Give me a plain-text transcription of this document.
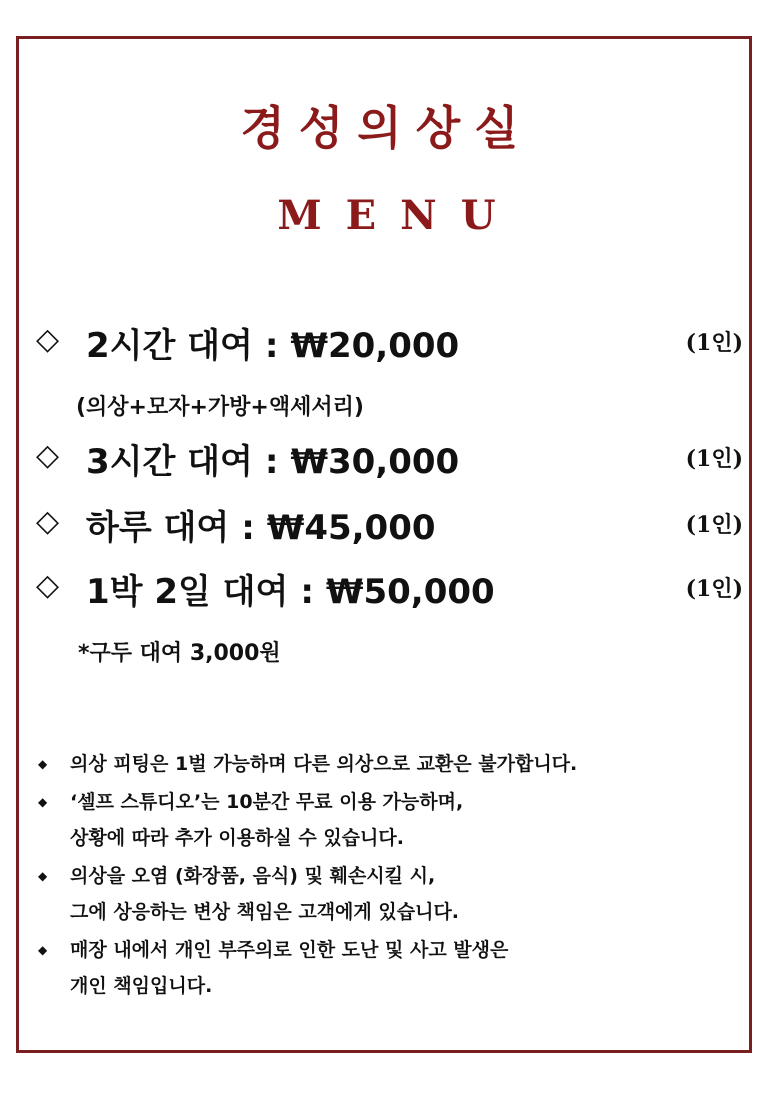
경성의상실
MENU
◇ 2시간 대여 : ₩20,000	(1인)
(의상+모자+가방+액세서리)
◇ 3시간 대여 : ₩30,000	(1인)
◇ 하루 대여 : ₩45,000	(1인)
◇ 1박 2일 대여 : ₩50,000	(1인)
*구두 대여 3,000원
◆ 의상 피팅은 1벌 가능하며 다른 의상으로 교환은 불가합니다.
◆ ‘셀프 스튜디오’는 10분간 무료 이용 가능하며,
상황에 따라 추가 이용하실 수 있습니다.
◆ 의상을 오염 (화장품, 음식) 및 훼손시킬 시,
그에 상응하는 변상 책임은 고객에게 있습니다.
◆ 매장 내에서 개인 부주의로 인한 도난 및 사고 발생은
개인 책임입니다.
